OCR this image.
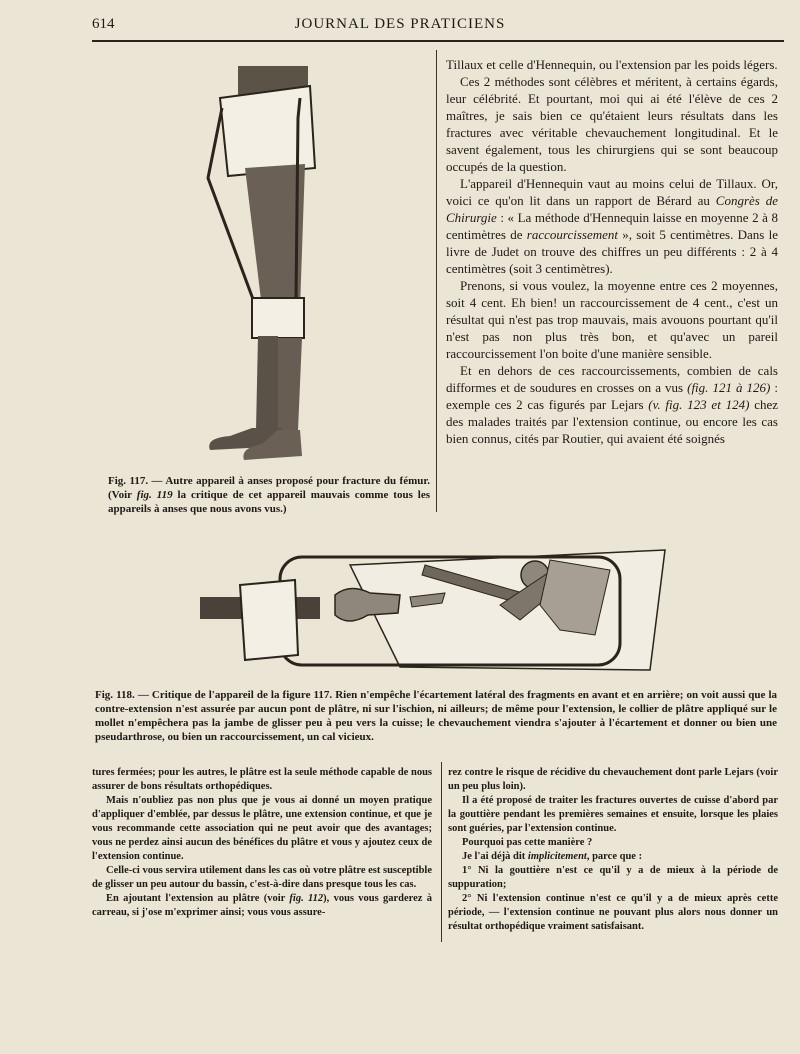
614	JOURNAL DES PRATICIENS
Fig. 117. — Autre appareil à anses proposé pour fracture du fémur. (Voir fig. 119 la critique de cet appareil mauvais comme tous les appareils à anses que nous avons vus.)

Tillaux et celle d'Hennequin, ou l'extension par les poids légers.

Ces 2 méthodes sont célèbres et méritent, à certains égards, leur célébrité. Et pourtant, moi qui ai été l'élève de ces 2 maîtres, je sais bien ce qu'étaient leurs résultats dans les fractures avec véritable chevauchement longitudinal. Et le savent également, tous les chirurgiens qui se sont beaucoup occupés de la question.

L'appareil d'Hennequin vaut au moins celui de Tillaux. Or, voici ce qu'on lit dans un rapport de Bérard au Congrès de Chirurgie : « La méthode d'Hennequin laisse en moyenne 2 à 8 centimètres de raccourcissement », soit 5 centimètres. Dans le livre de Judet on trouve des chiffres un peu différents : 2 à 4 centimètres (soit 3 centimètres).

Prenons, si vous voulez, la moyenne entre ces 2 moyennes, soit 4 cent. Eh bien! un raccourcissement de 4 cent., c'est un résultat qui n'est pas trop mauvais, mais avouons pourtant qu'il n'est pas non plus très bon, et qu'avec un pareil raccourcissement l'on boite d'une manière sensible.

Et en dehors de ces raccourcissements, combien de cals difformes et de soudures en crosses on a vus (fig. 121 à 126) : exemple ces 2 cas figurés par Lejars (v. fig. 123 et 124) chez des malades traités par l'extension continue, ou encore les cas bien connus, cités par Routier, qui avaient été soignés

Fig. 118. — Critique de l'appareil de la figure 117. Rien n'empêche l'écartement latéral des fragments en avant et en arrière; on voit aussi que la contre-extension n'est assurée par aucun pont de plâtre, ni sur l'ischion, ni ailleurs; de même pour l'extension, le collier de plâtre appliqué sur le mollet n'empêchera pas la jambe de glisser peu à peu vers la cuisse; le chevauchement viendra s'ajouter à l'écartement et donner ou bien une pseudarthrose, ou bien un raccourcissement, un cal vicieux.

tures fermées; pour les autres, le plâtre est la seule méthode capable de nous assurer de bons résultats orthopédiques.

Mais n'oubliez pas non plus que je vous ai donné un moyen pratique d'appliquer d'emblée, par dessus le plâtre, une extension continue, et que je vous recommande cette association qui ne peut avoir que des avantages; vous ne perdez ainsi aucun des bénéfices du plâtre et vous y ajoutez ceux de l'extension continue.

Celle-ci vous servira utilement dans les cas où votre plâtre est susceptible de glisser un peu autour du bassin, c'est-à-dire dans presque tous les cas.

En ajoutant l'extension au plâtre (voir fig. 112), vous vous garderez à carreau, si j'ose m'exprimer ainsi; vous vous assure-

rez contre le risque de récidive du chevauchement dont parle Lejars (voir un peu plus loin).

Il a été proposé de traiter les fractures ouvertes de cuisse d'abord par la gouttière pendant les premières semaines et ensuite, lorsque les plaies sont guéries, par l'extension continue.

Pourquoi pas cette manière ?

Je l'ai déjà dit implicitement, parce que :

1° Ni la gouttière n'est ce qu'il y a de mieux à la période de suppuration;

2° Ni l'extension continue n'est ce qu'il y a de mieux après cette période, — l'extension continue ne pouvant plus alors nous donner un résultat orthopédique vraiment satisfaisant.
